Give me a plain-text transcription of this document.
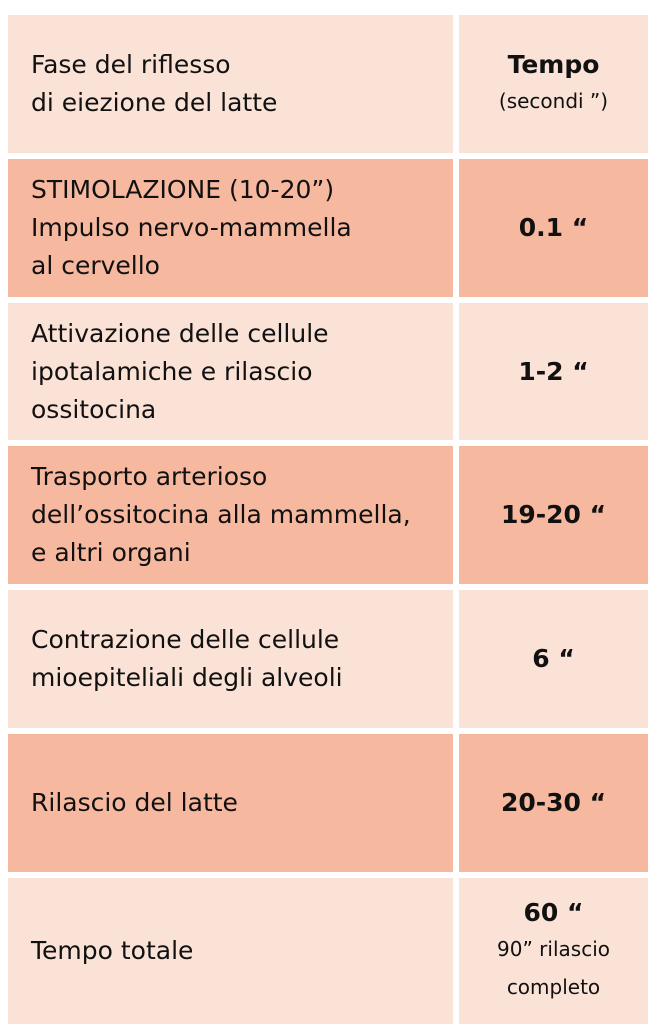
Fase del riflesso
di eiezione del latte
Tempo
(secondi ”)
STIMOLAZIONE (10-20”)
Impulso nervo-mammella
al cervello
0.1 “
Attivazione delle cellule
ipotalamiche e rilascio
ossitocina
1-2 “
Trasporto arterioso
dell’ossitocina alla mammella,
e altri organi
19-20 “
Contrazione delle cellule
mioepiteliali degli alveoli
6 “
Rilascio del latte	20-30 “
Tempo totale
60 “
90” rilascio
completo
